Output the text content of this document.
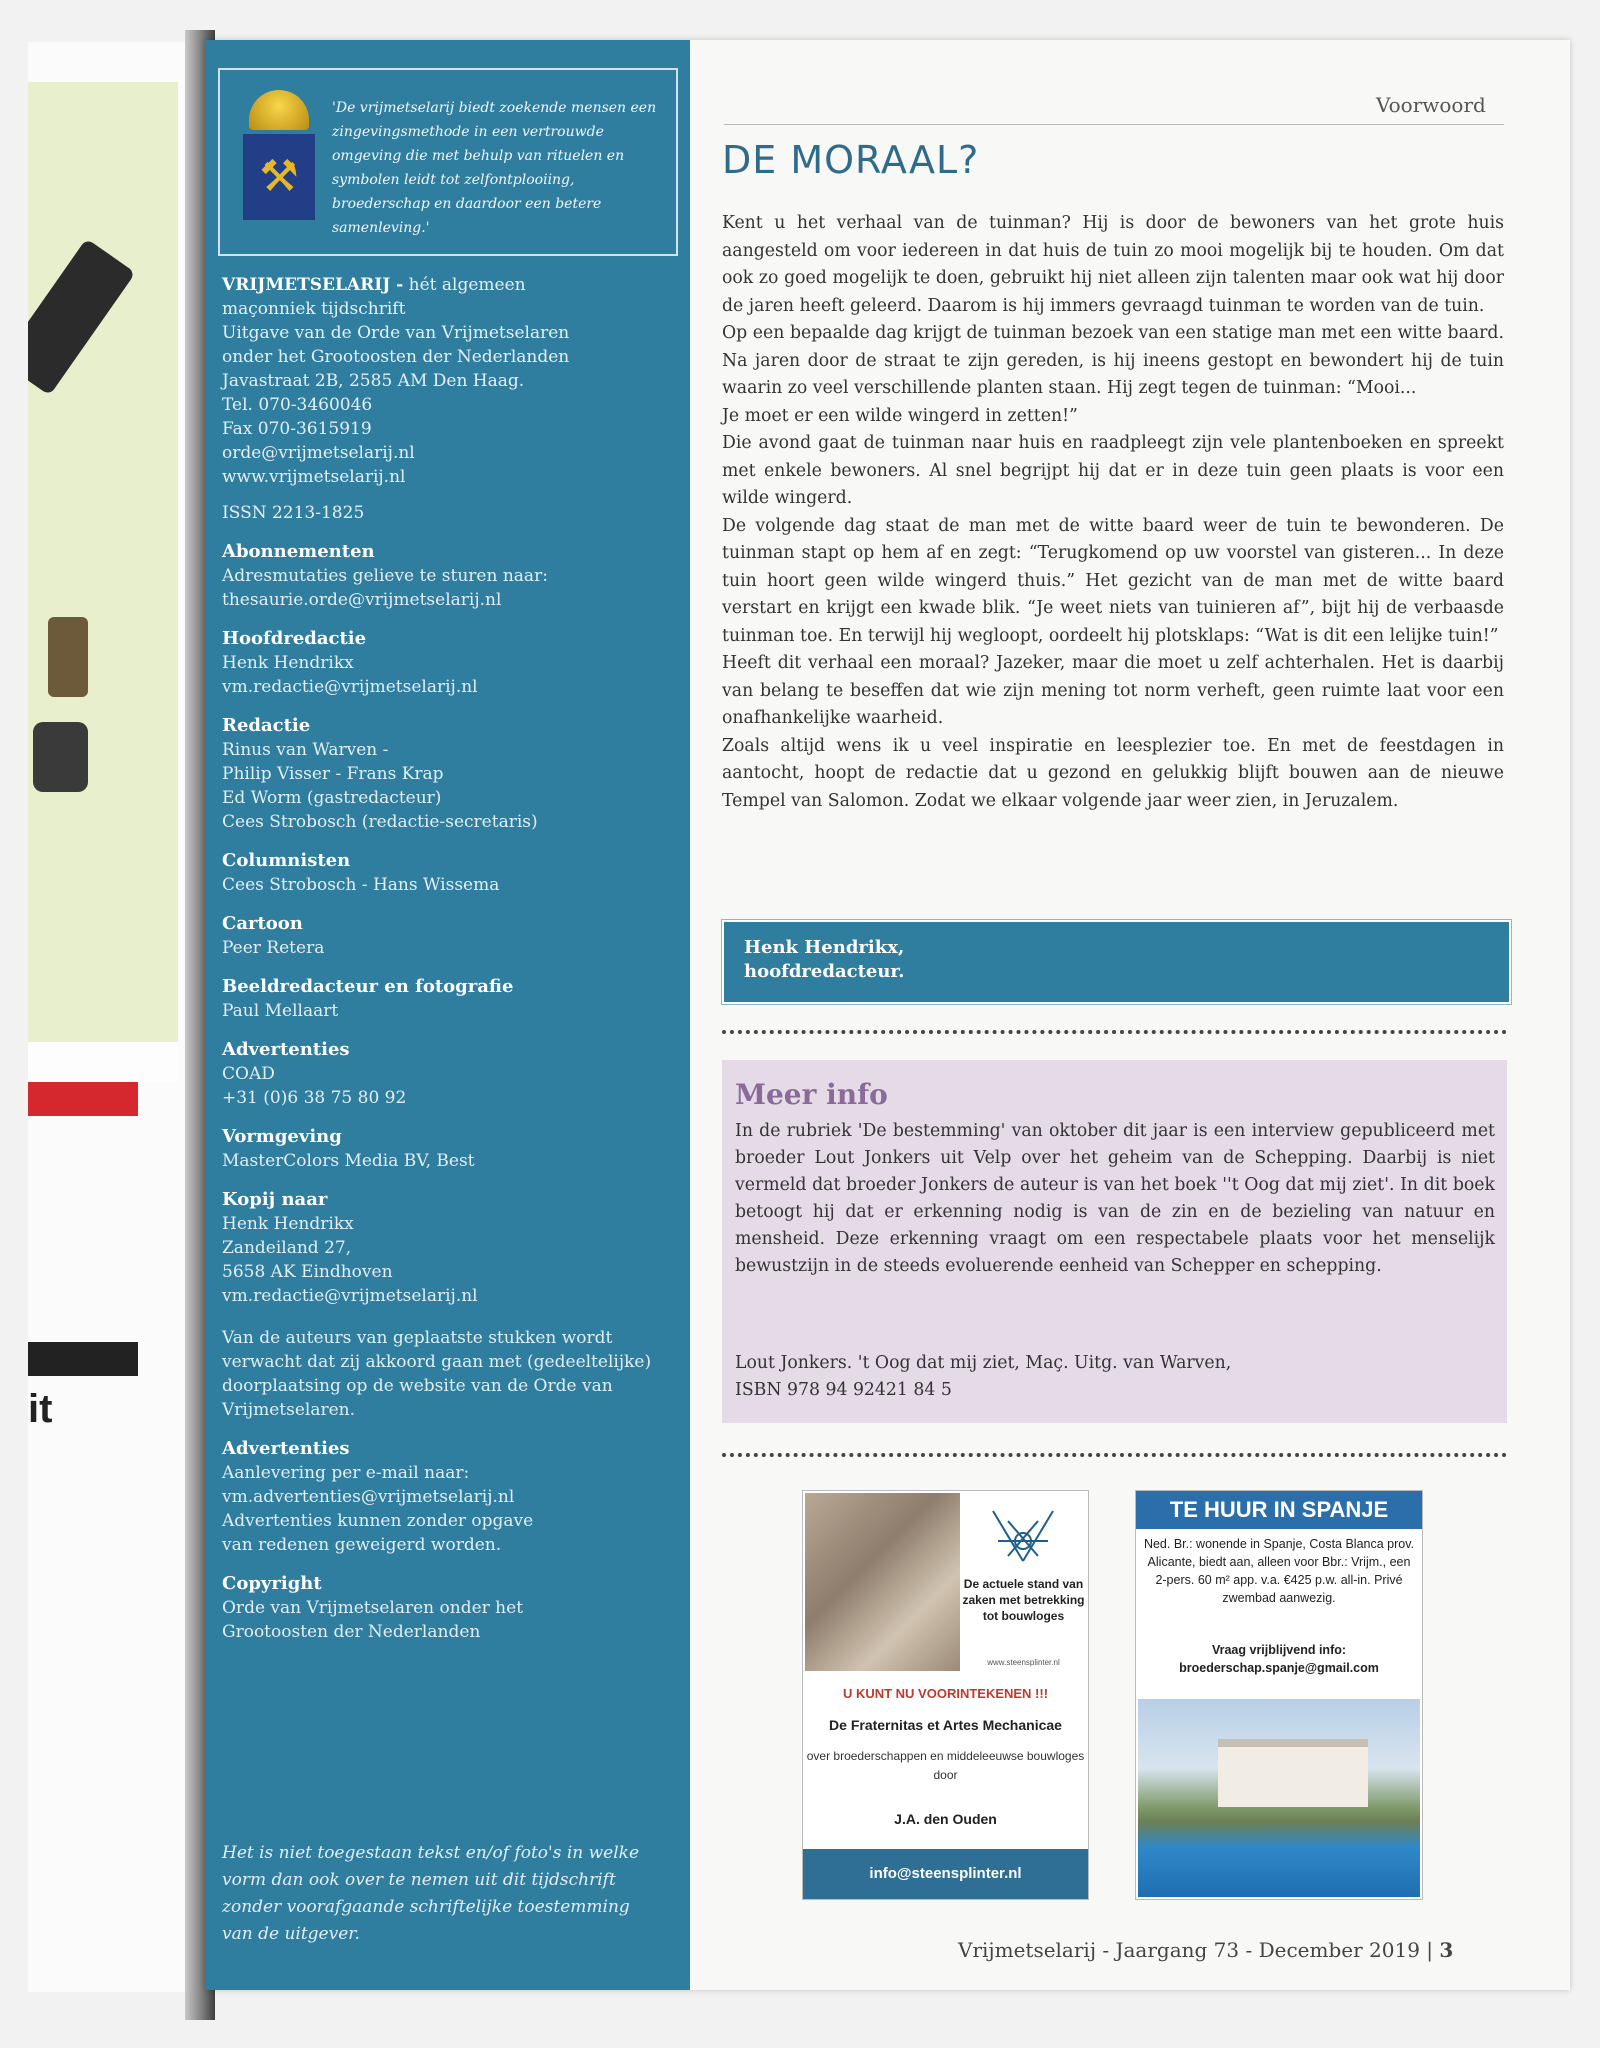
it
⚒
'De vrijmetselarij biedt zoekende mensen een zingevingsmethode in een vertrouwde omgeving die met behulp van rituelen en symbolen leidt tot zelfontplooiing, broederschap en daardoor een betere samenleving.'
VRIJMETSELARIJ - hét algemeen
maçonniek tijdschrift
Uitgave van de Orde van Vrijmetselaren
onder het Grootoosten der Nederlanden
Javastraat 2B, 2585 AM Den Haag.
Tel. 070-3460046
Fax 070-3615919
orde@vrijmetselarij.nl
www.vrijmetselarij.nl
ISSN 2213-1825
Abonnementen
Adresmutaties gelieve te sturen naar:
thesaurie.orde@vrijmetselarij.nl
Hoofdredactie
Henk Hendrikx
vm.redactie@vrijmetselarij.nl
Redactie
Rinus van Warven -
Philip Visser - Frans Krap
Ed Worm (gastredacteur)
Cees Strobosch (redactie-secretaris)
Columnisten
Cees Strobosch - Hans Wissema
Cartoon
Peer Retera
Beeldredacteur en fotografie
Paul Mellaart
Advertenties
COAD
+31 (0)6 38 75 80 92
Vormgeving
MasterColors Media BV, Best
Kopij naar
Henk Hendrikx
Zandeiland 27,
5658 AK Eindhoven
vm.redactie@vrijmetselarij.nl
Van de auteurs van geplaatste stukken wordt verwacht dat zij akkoord gaan met (gedeeltelijke) doorplaatsing op de website van de Orde van Vrijmetselaren.
Advertenties
Aanlevering per e-mail naar:
vm.advertenties@vrijmetselarij.nl
Advertenties kunnen zonder opgave
van redenen geweigerd worden.
Copyright
Orde van Vrijmetselaren onder het
Grootoosten der Nederlanden
Het is niet toegestaan tekst en/of foto's in welke vorm dan ook over te nemen uit dit tijdschrift zonder voorafgaande schriftelijke toestemming van de uitgever.
Voorwoord
DE MORAAL?

Kent u het verhaal van de tuinman? Hij is door de bewoners van het grote huis aangesteld om voor iedereen in dat huis de tuin zo mooi mogelijk bij te houden. Om dat ook zo goed mogelijk te doen, gebruikt hij niet alleen zijn talenten maar ook wat hij door de jaren heeft geleerd. Daarom is hij immers gevraagd tuinman te worden van de tuin.

Op een bepaalde dag krijgt de tuinman bezoek van een statige man met een witte baard. Na jaren door de straat te zijn gereden, is hij ineens gestopt en bewondert hij de tuin waarin zo veel verschillende planten staan. Hij zegt tegen de tuinman: “Mooi...

Je moet er een wilde wingerd in zetten!”

Die avond gaat de tuinman naar huis en raadpleegt zijn vele plantenboeken en spreekt met enkele bewoners. Al snel begrijpt hij dat er in deze tuin geen plaats is voor een wilde wingerd.

De volgende dag staat de man met de witte baard weer de tuin te bewonderen. De tuinman stapt op hem af en zegt: “Terugkomend op uw voorstel van gisteren... In deze tuin hoort geen wilde wingerd thuis.” Het gezicht van de man met de witte baard verstart en krijgt een kwade blik. “Je weet niets van tuinieren af”, bijt hij de verbaasde tuinman toe. En terwijl hij wegloopt, oordeelt hij plotsklaps: “Wat is dit een lelijke tuin!”

Heeft dit verhaal een moraal? Jazeker, maar die moet u zelf achterhalen. Het is daarbij van belang te beseffen dat wie zijn mening tot norm verheft, geen ruimte laat voor een onafhankelijke waarheid.

Zoals altijd wens ik u veel inspiratie en leesplezier toe. En met de feestdagen in aantocht, hoopt de redactie dat u gezond en gelukkig blijft bouwen aan de nieuwe Tempel van Salomon. Zodat we elkaar volgende jaar weer zien, in Jeruzalem.

Henk Hendrikx,
hoofdredacteur.
Meer info
In de rubriek 'De bestemming' van oktober dit jaar is een interview gepubliceerd met broeder Lout Jonkers uit Velp over het geheim van de Schepping. Daarbij is niet vermeld dat broeder Jonkers de auteur is van het boek ''t Oog dat mij ziet'. In dit boek betoogt hij dat er erkenning nodig is van de zin en de bezieling van natuur en mensheid. Deze erkenning vraagt om een respectabele plaats voor het menselijk bewustzijn in de steeds evoluerende eenheid van Schepper en schepping.
Lout Jonkers. 't Oog dat mij ziet, Maç. Uitg. van Warven,
ISBN 978 94 92421 84 5
De actuele stand van zaken met betrekking tot bouwloges
www.steensplinter.nl
U KUNT NU VOORINTEKENEN !!!
De Fraternitas et Artes Mechanicae
over broederschappen en middeleeuwse bouwloges door
J.A. den Ouden
info@steensplinter.nl
TE HUUR IN SPANJE
Ned. Br.: wonende in Spanje, Costa Blanca prov. Alicante, biedt aan, alleen voor Bbr.: Vrijm., een 2-pers. 60 m² app. v.a. €425 p.w. all-in. Privé zwembad aanwezig.
Vraag vrijblijvend info:
broederschap.spanje@gmail.com
Vrijmetselarij - Jaargang 73 - December 2019 | 3
